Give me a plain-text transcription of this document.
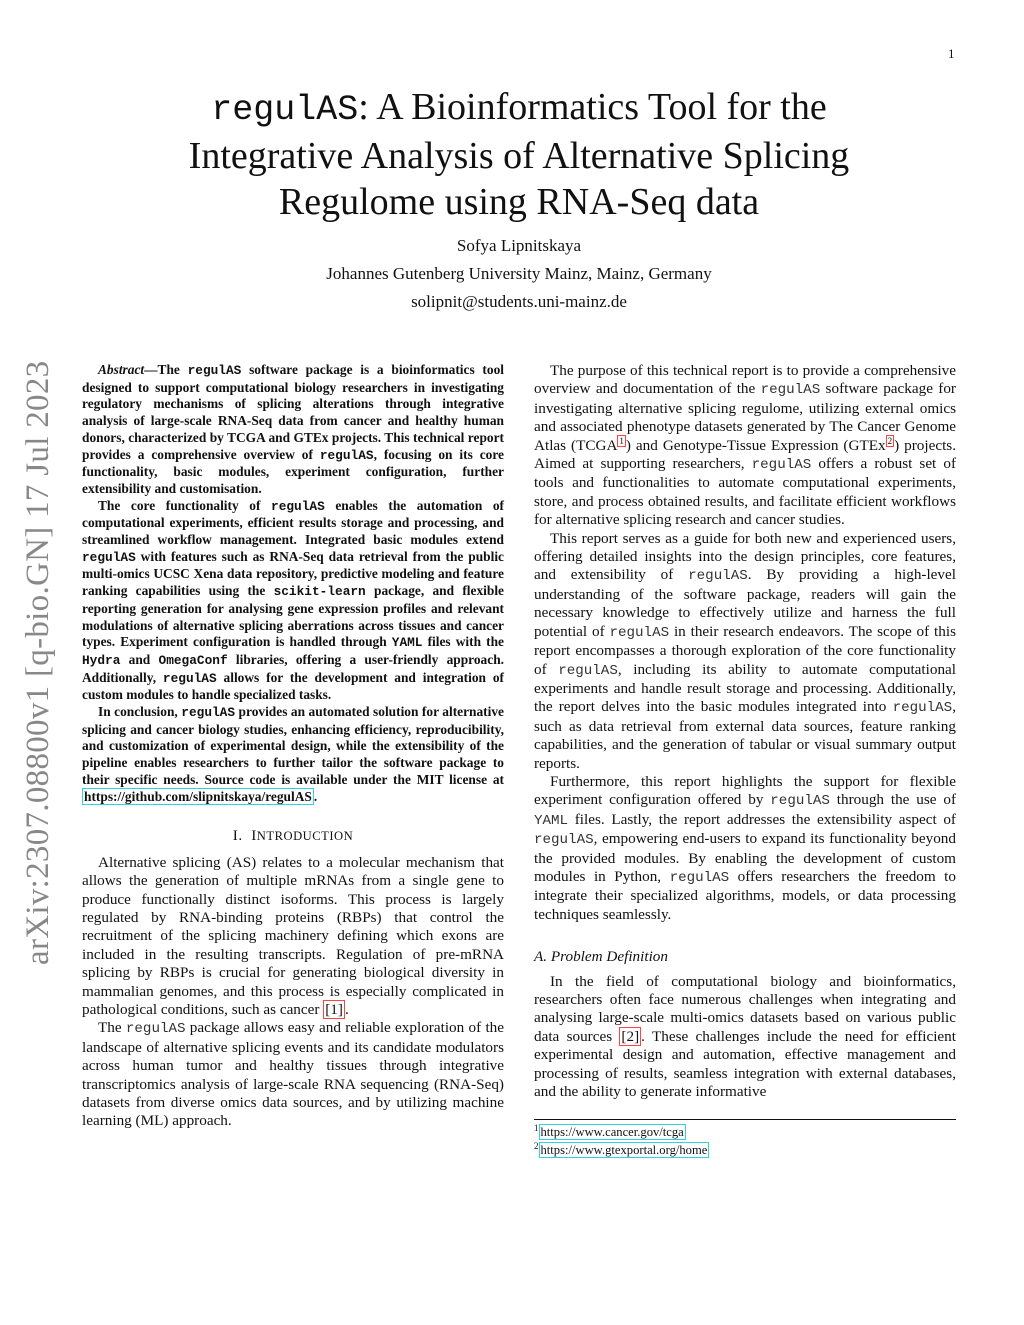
1
arXiv:2307.08800v1 [q-bio.GN] 17 Jul 2023
regulAS: A Bioinformatics Tool for the
Integrative Analysis of Alternative Splicing
Regulome using RNA-Seq data
Sofya Lipnitskaya
Johannes Gutenberg University Mainz, Mainz, Germany
solipnit@students.uni-mainz.de

Abstract—The regulAS software package is a bioinformatics tool designed to support computational biology researchers in investigating regulatory mechanisms of splicing alterations through integrative analysis of large-scale RNA-Seq data from cancer and healthy human donors, characterized by TCGA and GTEx projects. This technical report provides a comprehensive overview of regulAS, focusing on its core functionality, basic modules, experiment configuration, further extensibility and customisation.

The core functionality of regulAS enables the automation of computational experiments, efficient results storage and processing, and streamlined workflow management. Integrated basic modules extend regulAS with features such as RNA-Seq data retrieval from the public multi-omics UCSC Xena data repository, predictive modeling and feature ranking capabilities using the scikit-learn package, and flexible reporting generation for analysing gene expression profiles and relevant modulations of alternative splicing aberrations across tissues and cancer types. Experiment configuration is handled through YAML files with the Hydra and OmegaConf libraries, offering a user-friendly approach. Additionally, regulAS allows for the development and integration of custom modules to handle specialized tasks.

In conclusion, regulAS provides an automated solution for alternative splicing and cancer biology studies, enhancing efficiency, reproducibility, and customization of experimental design, while the extensibility of the pipeline enables researchers to further tailor the software package to their specific needs. Source code is available under the MIT license at https://github.com/slipnitskaya/regulAS .

I. INTRODUCTION

Alternative splicing (AS) relates to a molecular mechanism that allows the generation of multiple mRNAs from a single gene to produce functionally distinct isoforms. This process is largely regulated by RNA-binding proteins (RBPs) that control the recruitment of the splicing machinery defining which exons are included in the resulting transcripts. Regulation of pre-mRNA splicing by RBPs is crucial for generating biological diversity in mammalian genomes, and this process is especially complicated in pathological conditions, such as cancer [1] .

The regulAS package allows easy and reliable exploration of the landscape of alternative splicing events and its candidate modulators across human tumor and healthy tissues through integrative transcriptomics analysis of large-scale RNA sequencing (RNA-Seq) datasets from diverse omics data sources, and by utilizing machine learning (ML) approach.

The purpose of this technical report is to provide a comprehensive overview and documentation of the regulAS software package for investigating alternative splicing regulome, utilizing external omics and associated phenotype datasets generated by The Cancer Genome Atlas (TCGA $^1$ ) and Genotype-Tissue Expression (GTEx $^2$ ) projects. Aimed at supporting researchers, regulAS offers a robust set of tools and functionalities to automate computational experiments, store, and process obtained results, and facilitate efficient workflows for alternative splicing research and cancer studies.

This report serves as a guide for both new and experienced users, offering detailed insights into the design principles, core features, and extensibility of regulAS. By providing a high-level understanding of the software package, readers will gain the necessary knowledge to effectively utilize and harness the full potential of regulAS in their research endeavors. The scope of this report encompasses a thorough exploration of the core functionality of regulAS, including its ability to automate computational experiments and handle result storage and processing. Additionally, the report delves into the basic modules integrated into regulAS, such as data retrieval from external data sources, feature ranking capabilities, and the generation of tabular or visual summary output reports.

Furthermore, this report highlights the support for flexible experiment configuration offered by regulAS through the use of YAML files. Lastly, the report addresses the extensibility aspect of regulAS, empowering end-users to expand its functionality beyond the provided modules. By enabling the development of custom modules in Python, regulAS offers researchers the freedom to integrate their specialized algorithms, models, or data processing techniques seamlessly.

A. Problem Definition

In the field of computational biology and bioinformatics, researchers often face numerous challenges when integrating and analysing large-scale multi-omics datasets based on various public data sources [2] . These challenges include the need for efficient experimental design and automation, effective management and processing of results, seamless integration with external databases, and the ability to generate informative

$^1$ https://www.cancer.gov/tcga
$^2$ https://www.gtexportal.org/home
